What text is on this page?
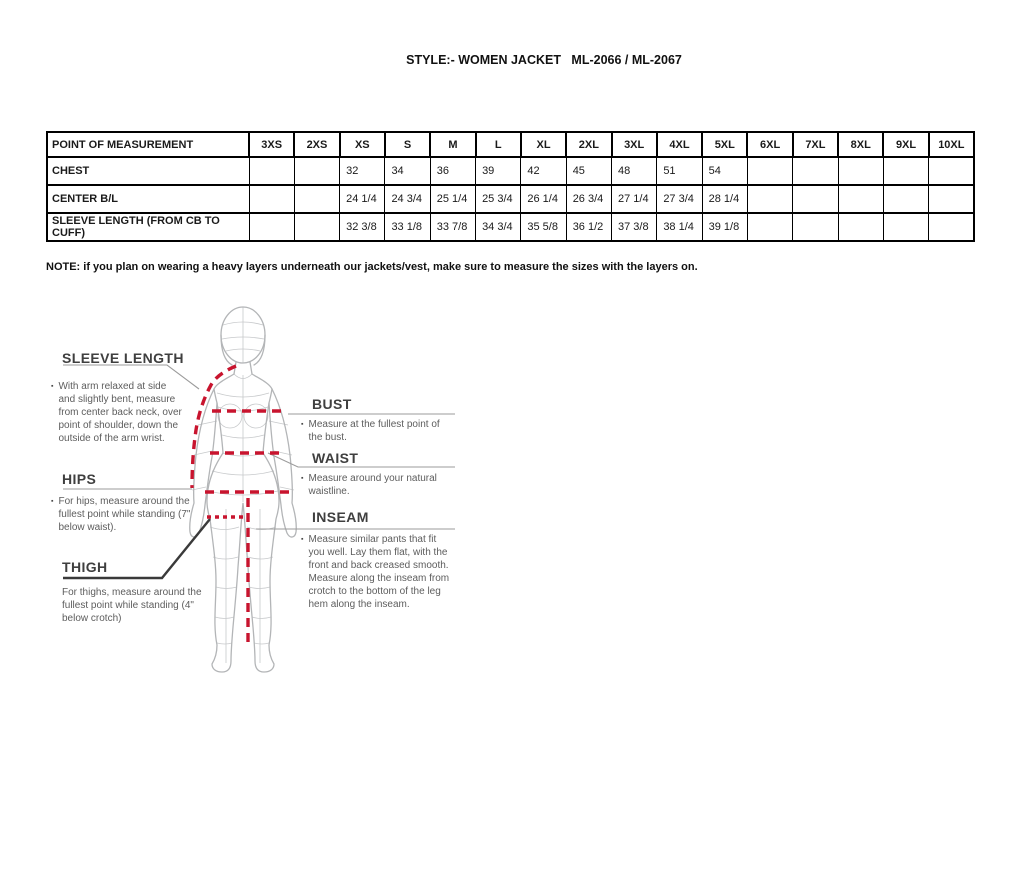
STYLE:- WOMEN JACKET   ML-2066 / ML-2067
POINT OF MEASUREMENT	3XS	2XS	XS	S	M	L	XL	2XL	3XL	4XL	5XL	6XL	7XL	8XL	9XL	10XL
CHEST			32	34	36	39	42	45	48	51	54					
CENTER B/L			24 1/4	24 3/4	25 1/4	25 3/4	26 1/4	26 3/4	27 1/4	27 3/4	28 1/4					
SLEEVE LENGTH (FROM CB TO CUFF)			32 3/8	33 1/8	33 7/8	34 3/4	35 5/8	36 1/2	37 3/8	38 1/4	39 1/8					
NOTE: if you plan on wearing a heavy layers underneath our jackets/vest, make sure to measure the sizes with the layers on.
SLEEVE LENGTH
▪ With arm relaxed at side and slightly bent, measure from center back neck, over point of shoulder, down the outside of the arm wrist.
HIPS
▪ For hips, measure around the fullest point while standing (7" below waist).
THIGH
For thighs, measure around the fullest point while standing (4" below crotch)
BUST
▪ Measure at the fullest point of the bust.
WAIST
▪ Measure around your natural waistline.
INSEAM
▪ Measure similar pants that fit you well. Lay them flat, with the front and back creased smooth. Measure along the inseam from crotch to the bottom of the leg hem along the inseam.
